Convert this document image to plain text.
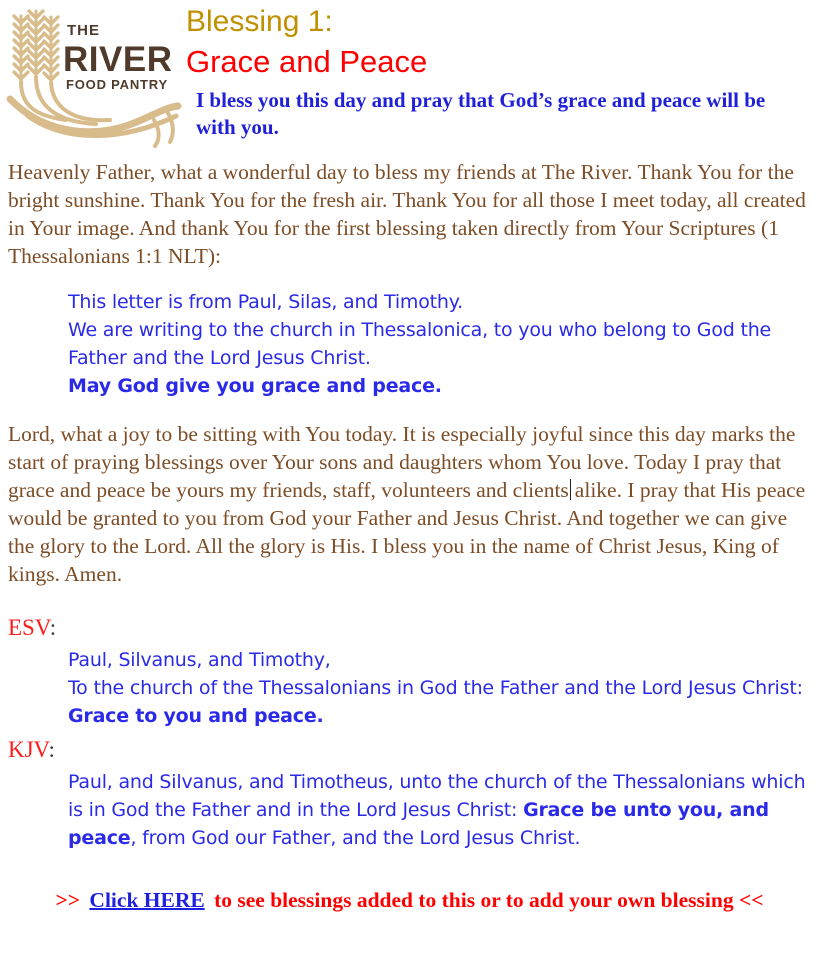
THE
RIVER
FOOD PANTRY
Blessing 1:
Grace and Peace
I bless you this day and pray that God’s grace and peace will be with you.

Heavenly Father, what a wonderful day to bless my friends at The River. Thank You for the bright sunshine. Thank You for the fresh air. Thank You for all those I meet today, all created in Your image. And thank You for the first blessing taken directly from Your Scriptures (1 Thessalonians 1:1 NLT):

This letter is from Paul, Silas, and Timothy.
We are writing to the church in Thessalonica, to you who belong to God the Father and the Lord Jesus Christ.
May God give you grace and peace.

Lord, what a joy to be sitting with You today. It is especially joyful since this day marks the start of praying blessings over Your sons and daughters whom You love. Today I pray that grace and peace be yours my friends, staff, volunteers and clients alike. I pray that His peace would be granted to you from God your Father and Jesus Christ. And together we can give the glory to the Lord. All the glory is His. I bless you in the name of Christ Jesus, King of kings. Amen.

ESV:
Paul, Silvanus, and Timothy,
To the church of the Thessalonians in God the Father and the Lord Jesus Christ:
Grace to you and peace.
KJV:
Paul, and Silvanus, and Timotheus, unto the church of the Thessalonians which is in God the Father and in the Lord Jesus Christ: Grace be unto you, and peace, from God our Father, and the Lord Jesus Christ.
>> Click HERE to see blessings added to this or to add your own blessing <<
